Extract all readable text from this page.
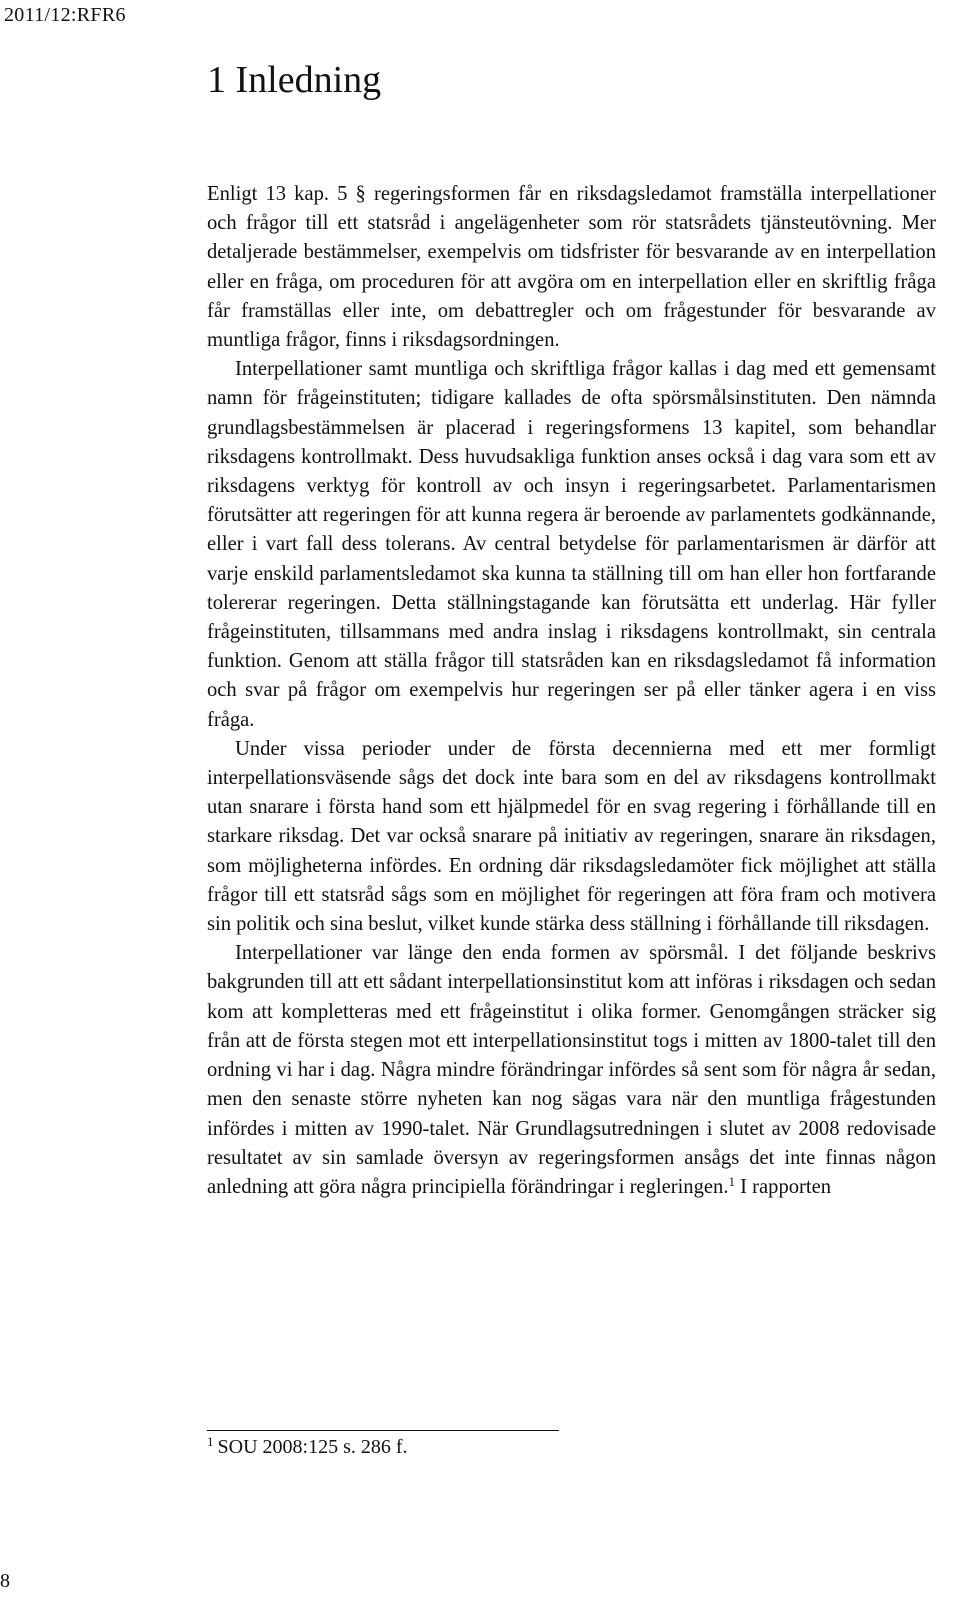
2011/12:RFR6
1 Inledning

Enligt 13 kap. 5 § regeringsformen får en riksdagsledamot framställa interpellationer och frågor till ett statsråd i angelägenheter som rör statsrådets tjänsteutövning. Mer detaljerade bestämmelser, exempelvis om tidsfrister för besvarande av en interpellation eller en fråga, om proceduren för att avgöra om en interpellation eller en skriftlig fråga får framställas eller inte, om debattregler och om frågestunder för besvarande av muntliga frågor, finns i riksdagsordningen.

Interpellationer samt muntliga och skriftliga frågor kallas i dag med ett gemensamt namn för frågeinstituten; tidigare kallades de ofta spörsmålsinstituten. Den nämnda grundlagsbestämmelsen är placerad i regeringsformens 13 kapitel, som behandlar riksdagens kontrollmakt. Dess huvudsakliga funktion anses också i dag vara som ett av riksdagens verktyg för kontroll av och insyn i regeringsarbetet. Parlamentarismen förutsätter att regeringen för att kunna regera är beroende av parlamentets godkännande, eller i vart fall dess tolerans. Av central betydelse för parlamentarismen är därför att varje enskild parlamentsledamot ska kunna ta ställning till om han eller hon fortfarande tolererar regeringen. Detta ställningstagande kan förutsätta ett underlag. Här fyller frågeinstituten, tillsammans med andra inslag i riksdagens kontrollmakt, sin centrala funktion. Genom att ställa frågor till statsråden kan en riksdagsledamot få information och svar på frågor om exempelvis hur regeringen ser på eller tänker agera i en viss fråga.

Under vissa perioder under de första decennierna med ett mer formligt interpellationsväsende sågs det dock inte bara som en del av riksdagens kontrollmakt utan snarare i första hand som ett hjälpmedel för en svag regering i förhållande till en starkare riksdag. Det var också snarare på initiativ av regeringen, snarare än riksdagen, som möjligheterna infördes. En ordning där riksdagsledamöter fick möjlighet att ställa frågor till ett statsråd sågs som en möjlighet för regeringen att föra fram och motivera sin politik och sina beslut, vilket kunde stärka dess ställning i förhållande till riksdagen.

Interpellationer var länge den enda formen av spörsmål. I det följande beskrivs bakgrunden till att ett sådant interpellationsinstitut kom att införas i riksdagen och sedan kom att kompletteras med ett frågeinstitut i olika former. Genomgången sträcker sig från att de första stegen mot ett interpellationsinstitut togs i mitten av 1800-talet till den ordning vi har i dag. Några mindre förändringar infördes så sent som för några år sedan, men den senaste större nyheten kan nog sägas vara när den muntliga frågestunden infördes i mitten av 1990-talet. När Grundlagsutredningen i slutet av 2008 redovisade resultatet av sin samlade översyn av regeringsformen ansågs det inte finnas någon anledning att göra några principiella förändringar i regleringen.$^1$ I rapporten

$^1$ SOU 2008:125 s. 286 f.
8
